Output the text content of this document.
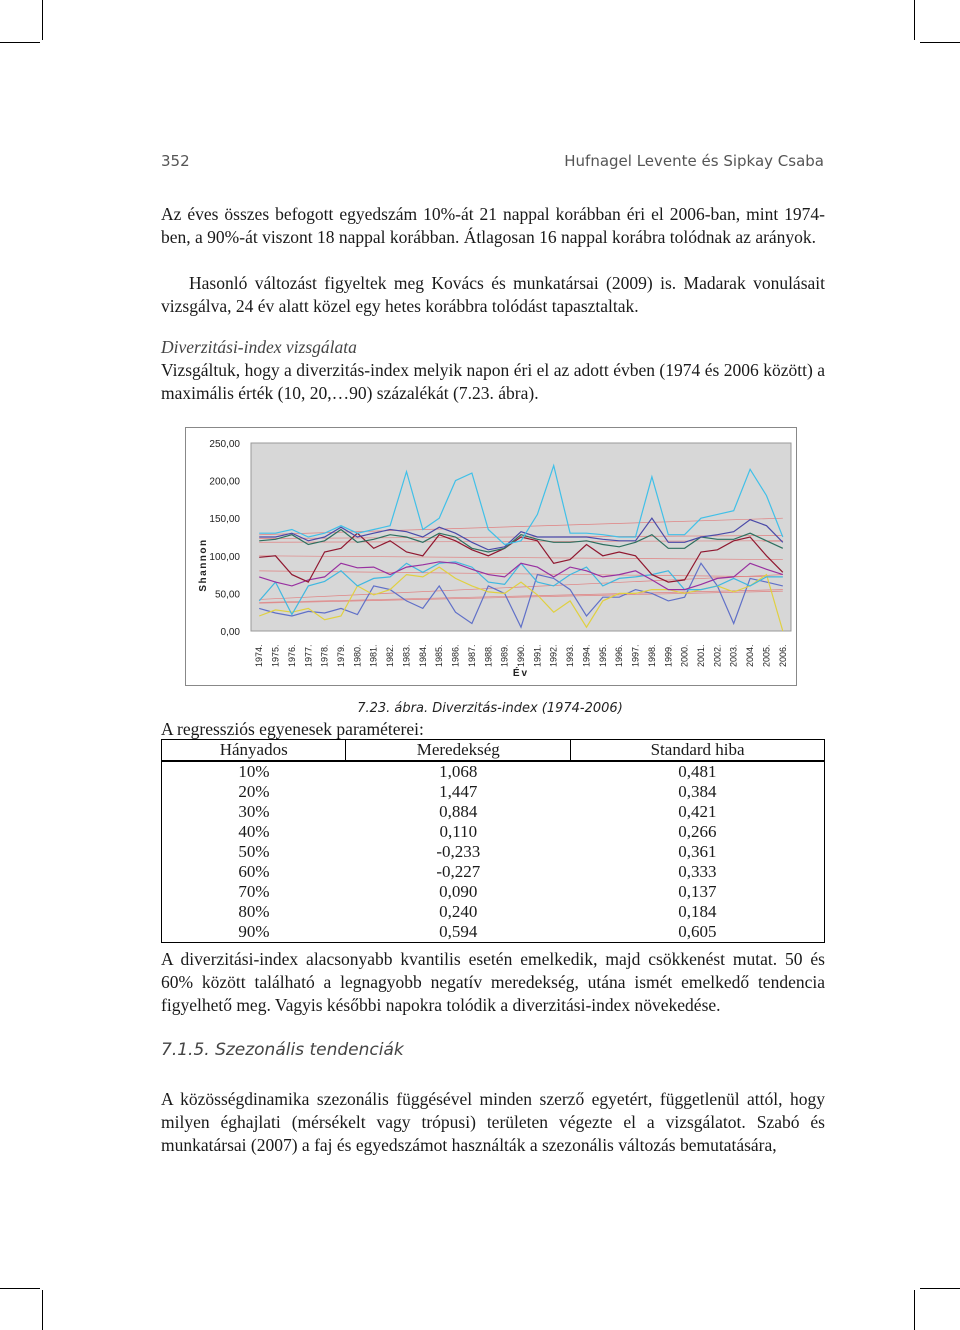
352	Hufnagel Levente és Sipkay Csaba

Az éves összes befogott egyedszám 10%-át 21 nappal korábban éri el 2006-ban, mint 1974-ben, a 90%-át viszont 18 nappal korábban. Átlagosan 16 nappal korábra tolódnak az arányok.

Hasonló változást figyeltek meg Kovács és munkatársai (2009) is. Madarak vonulásait vizsgálva, 24 év alatt közel egy hetes korábbra tolódást tapasztaltak.

Diverzitási-index vizsgálata

Vizsgáltuk, hogy a diverzitás-index melyik napon éri el az adott évben (1974 és 2006 között) a maximális érték (10, 20,…90) százalékát (7.23. ábra).

0,00
50,00
100,00
150,00
200,00
250,00
1974. 1975. 1976. 1977. 1978. 1979. 1980. 1981. 1982. 1983. 1984. 1985. 1986. 1987. 1988. 1989. 1990. 1991. 1992. 1993. 1994. 1995. 1996. 1997. 1998. 1999. 2000. 2001. 2002. 2003. 2004. 2005. 2006.
Shannon
Év
7.23. ábra. Diverzitás-index (1974-2006)

A regressziós egyenesek paraméterei:

Hányados	Meredekség	Standard hiba
10%	1,068	0,481
20%	1,447	0,384
30%	0,884	0,421
40%	0,110	0,266
50%	-0,233	0,361
60%	-0,227	0,333
70%	0,090	0,137
80%	0,240	0,184
90%	0,594	0,605

A diverzitási-index alacsonyabb kvantilis esetén emelkedik, majd csökkenést mutat. 50 és 60% között található a legnagyobb negatív meredekség, utána ismét emelkedő tendencia figyelhető meg. Vagyis későbbi napokra tolódik a diverzitási-index növekedése.

7.1.5. Szezonális tendenciák

A közösségdinamika szezonális függésével minden szerző egyetért, függetlenül attól, hogy milyen éghajlati (mérsékelt vagy trópusi) területen végezte el a vizsgálatot. Szabó és munkatársai (2007) a faj és egyedszámot használták a szezonális változás bemutatására,
